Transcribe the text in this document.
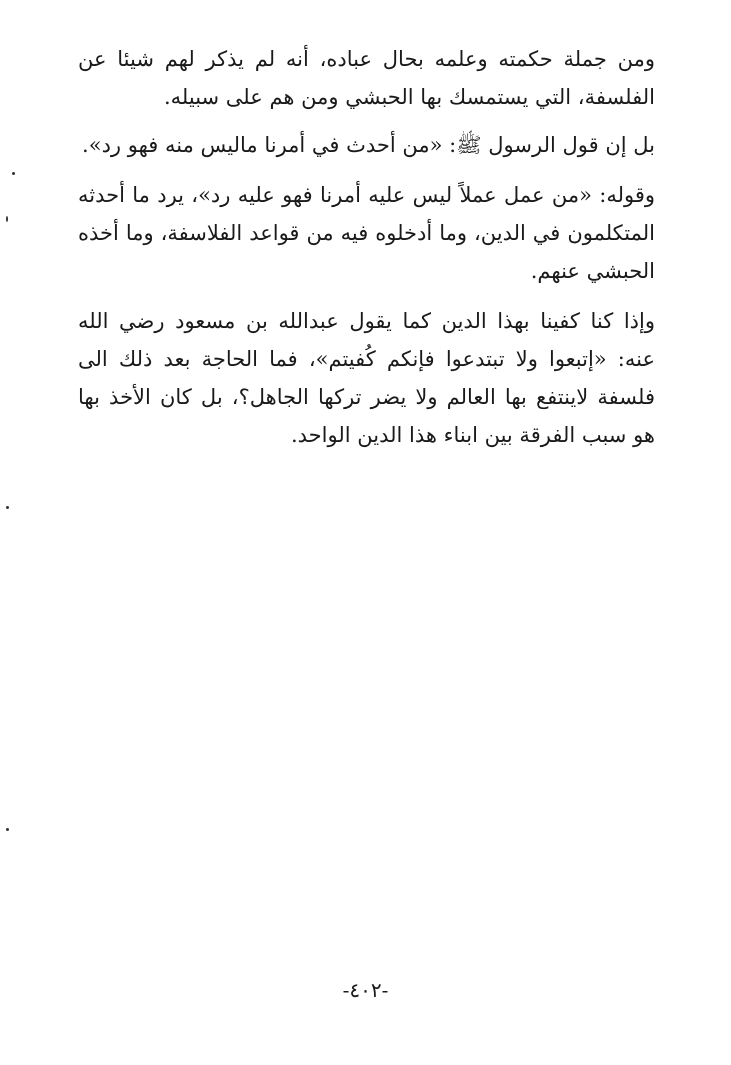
ومن جملة حكمته وعلمه بحال عباده، أنه لم يذكر لهم شيئا عن الفلسفة، التي يستمسك بها الحبشي ومن هم على سبيله.

بل إن قول الرسول ﷺ: «من أحدث في أمرنا ماليس منه فهو رد».

وقوله: «من عمل عملاً ليس عليه أمرنا فهو عليه رد»، يرد ما أحدثه المتكلمون في الدين، وما أدخلوه فيه من قواعد الفلاسفة، وما أخذه الحبشي عنهم.

وإذا كنا كفينا بهذا الدين كما يقول عبدالله بن مسعود رضي الله عنه: «إتبعوا ولا تبتدعوا فإنكم كُفيتم»، فما الحاجة بعد ذلك الى فلسفة لاينتفع بها العالم ولا يضر تركها الجاهل؟، بل كان الأخذ بها هو سبب الفرقة بين ابناء هذا الدين الواحد.

-٤٠٢-
